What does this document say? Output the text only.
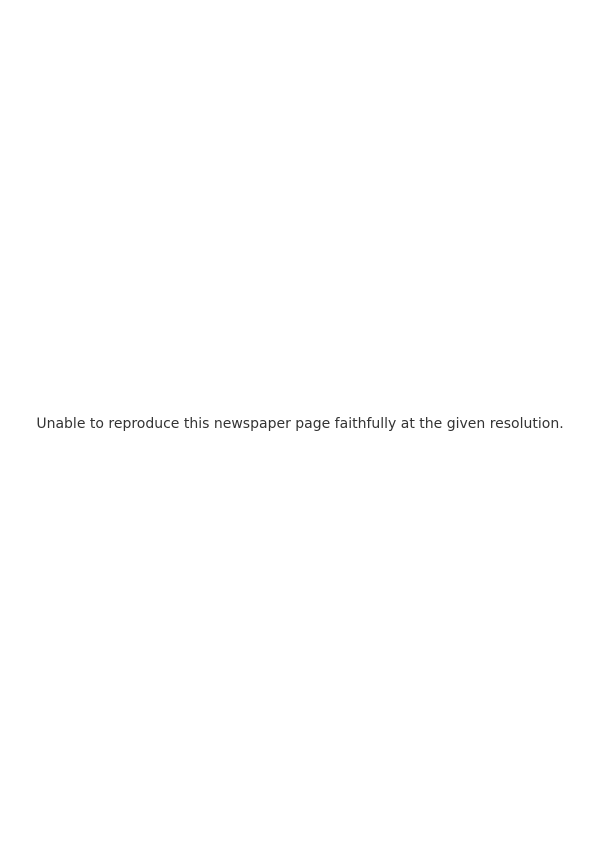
Unable to reproduce this newspaper page faithfully at the given resolution.
